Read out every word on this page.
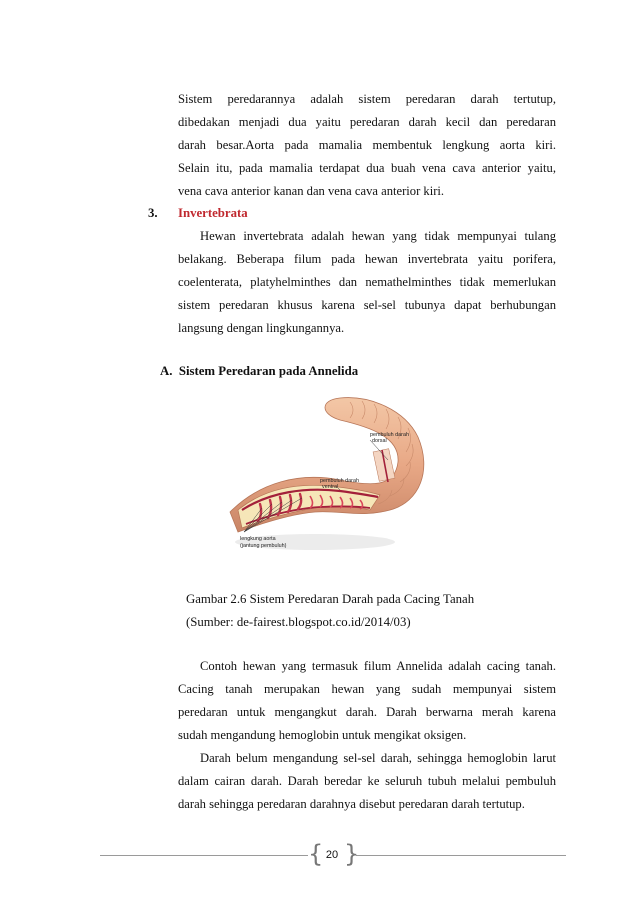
Sistem peredarannya adalah sistem peredaran darah tertutup,
dibedakan menjadi dua yaitu peredaran darah kecil dan peredaran
darah besar.Aorta pada mamalia membentuk lengkung aorta kiri.
Selain itu, pada mamalia terdapat dua buah vena cava anterior yaitu,
vena cava anterior kanan dan vena cava anterior kiri.
3. Invertebrata
Hewan invertebrata adalah hewan yang tidak mempunyai tulang
belakang. Beberapa filum pada hewan invertebrata yaitu porifera,
coelenterata, platyhelminthes dan nemathelminthes tidak memerlukan
sistem peredaran khusus karena sel-sel tubunya dapat berhubungan
langsung dengan lingkungannya.
A.  Sistem Peredaran pada Annelida
pembuluh darah
dorsal
pembuluh darah
ventral
lengkung aorta
(jantung pembuluh)
Gambar 2.6 Sistem Peredaran Darah pada Cacing Tanah
(Sumber: de-fairest.blogspot.co.id/2014/03)
Contoh hewan yang termasuk filum Annelida adalah cacing tanah.
Cacing tanah merupakan hewan yang sudah mempunyai sistem
peredaran untuk mengangkut darah. Darah berwarna merah karena
sudah mengandung hemoglobin untuk mengikat oksigen.
Darah belum mengandung sel-sel darah, sehingga hemoglobin larut
dalam cairan darah. Darah beredar ke seluruh tubuh melalui pembuluh
darah sehingga peredaran darahnya disebut peredaran darah tertutup.
{ }
20
